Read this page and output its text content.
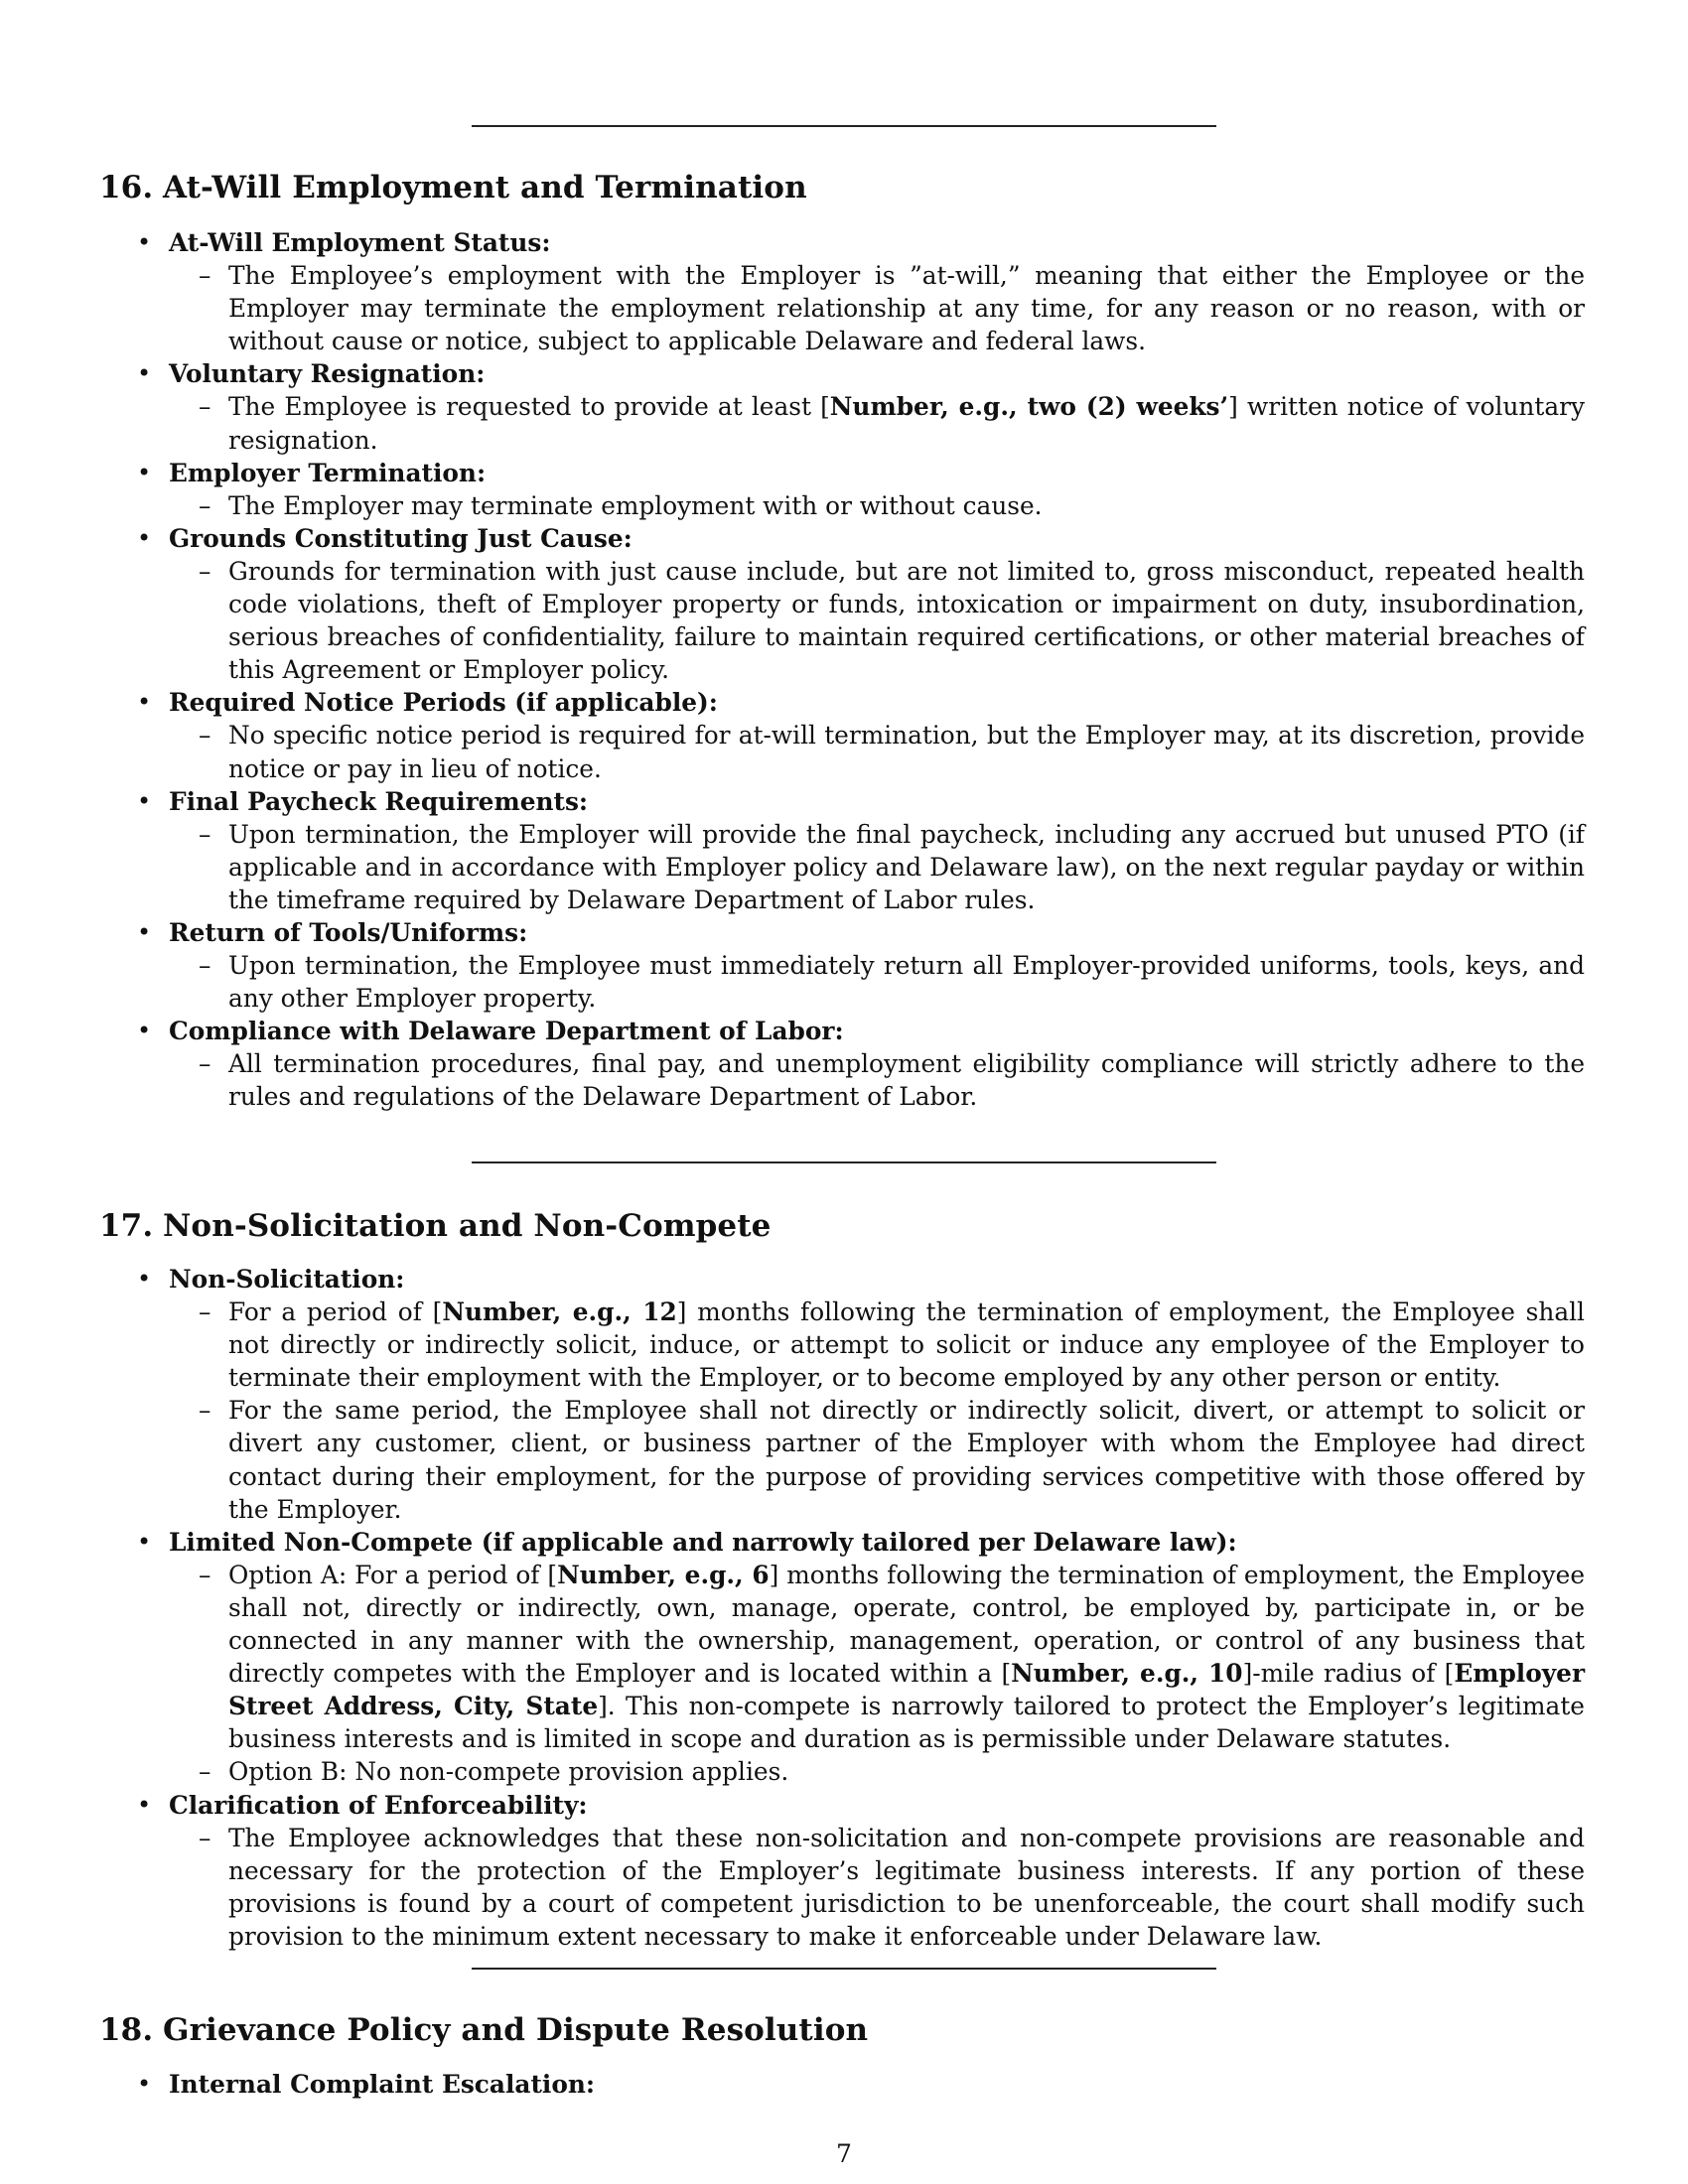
16. At-Will Employment and Termination
• At-Will Employment Status:
– The Employee’s employment with the Employer is ”at-will,” meaning that either the Employee or the Employer may terminate the employment relationship at any time, for any reason or no reason, with or without cause or notice, subject to applicable Delaware and federal laws.
• Voluntary Resignation:
– The Employee is requested to provide at least [Number, e.g., two (2) weeks’] written notice of voluntary resignation.
• Employer Termination:
– The Employer may terminate employment with or without cause.
• Grounds Constituting Just Cause:
– Grounds for termination with just cause include, but are not limited to, gross misconduct, repeated health code violations, theft of Employer property or funds, intoxication or impairment on duty, insubordination, serious breaches of confidentiality, failure to maintain required certifications, or other material breaches of this Agreement or Employer policy.
• Required Notice Periods (if applicable):
– No specific notice period is required for at-will termination, but the Employer may, at its discretion, provide notice or pay in lieu of notice.
• Final Paycheck Requirements:
– Upon termination, the Employer will provide the final paycheck, including any accrued but unused PTO (if applicable and in accordance with Employer policy and Delaware law), on the next regular payday or within the timeframe required by Delaware Department of Labor rules.
• Return of Tools/Uniforms:
– Upon termination, the Employee must immediately return all Employer-provided uniforms, tools, keys, and any other Employer property.
• Compliance with Delaware Department of Labor:
– All termination procedures, final pay, and unemployment eligibility compliance will strictly adhere to the rules and regulations of the Delaware Department of Labor.
17. Non-Solicitation and Non-Compete
• Non-Solicitation:
– For a period of [Number, e.g., 12] months following the termination of employment, the Employee shall not directly or indirectly solicit, induce, or attempt to solicit or induce any employee of the Employer to terminate their employment with the Employer, or to become employed by any other person or entity.
– For the same period, the Employee shall not directly or indirectly solicit, divert, or attempt to solicit or divert any customer, client, or business partner of the Employer with whom the Employee had direct contact during their employment, for the purpose of providing services competitive with those offered by the Employer.
• Limited Non-Compete (if applicable and narrowly tailored per Delaware law):
– Option A: For a period of [Number, e.g., 6] months following the termination of employment, the Employee shall not, directly or indirectly, own, manage, operate, control, be employed by, participate in, or be connected in any manner with the ownership, management, operation, or control of any business that directly competes with the Employer and is located within a [Number, e.g., 10]-mile radius of [Employer Street Address, City, State]. This non-compete is narrowly tailored to protect the Employer’s legitimate business interests and is limited in scope and duration as is permissible under Delaware statutes.
– Option B: No non-compete provision applies.
• Clarification of Enforceability:
– The Employee acknowledges that these non-solicitation and non-compete provisions are reasonable and necessary for the protection of the Employer’s legitimate business interests. If any portion of these provisions is found by a court of competent jurisdiction to be unenforceable, the court shall modify such provision to the minimum extent necessary to make it enforceable under Delaware law.
18. Grievance Policy and Dispute Resolution
• Internal Complaint Escalation:
7
